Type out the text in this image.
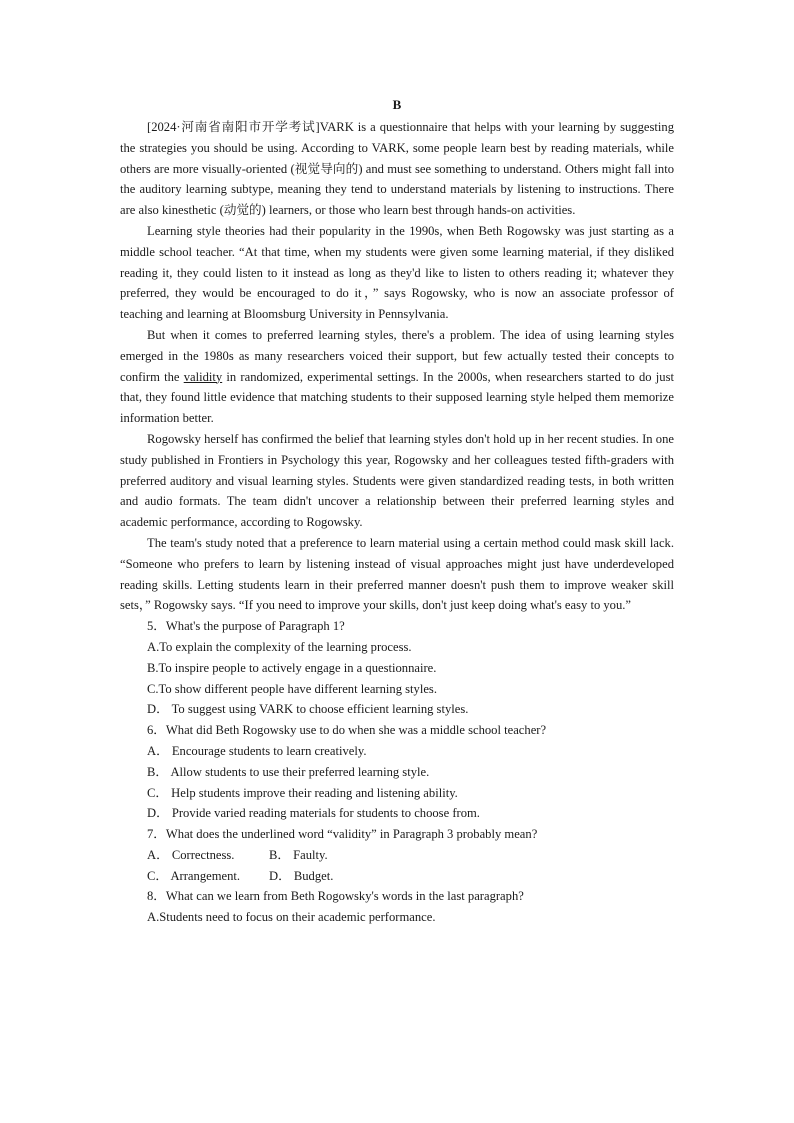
B

[2024·河南省南阳市开学考试]VARK is a questionnaire that helps with your learning by suggesting the strategies you should be using. According to VARK, some people learn best by reading materials, while others are more visually-oriented (视觉导向的) and must see something to understand. Others might fall into the auditory learning subtype, meaning they tend to understand materials by listening to instructions. There are also kinesthetic (动觉的) learners, or those who learn best through hands-on activities.

Learning style theories had their popularity in the 1990s, when Beth Rogowsky was just starting as a middle school teacher. “At that time, when my students were given some learning material, if they disliked reading it, they could listen to it instead as long as they'd like to listen to others reading it; whatever they preferred, they would be encouraged to do it，” says Rogowsky, who is now an associate professor of teaching and learning at Bloomsburg University in Pennsylvania.

But when it comes to preferred learning styles, there's a problem. The idea of using learning styles emerged in the 1980s as many researchers voiced their support, but few actually tested their concepts to confirm the validity in randomized, experimental settings. In the 2000s, when researchers started to do just that, they found little evidence that matching students to their supposed learning style helped them memorize information better.

Rogowsky herself has confirmed the belief that learning styles don't hold up in her recent studies. In one study published in Frontiers in Psychology this year, Rogowsky and her colleagues tested fifth-graders with preferred auditory and visual learning styles. Students were given standardized reading tests, in both written and audio formats. The team didn't uncover a relationship between their preferred learning styles and academic performance, according to Rogowsky.

The team's study noted that a preference to learn material using a certain method could mask skill lack. “Someone who prefers to learn by listening instead of visual approaches might just have underdeveloped reading skills. Letting students learn in their preferred manner doesn't push them to improve weaker skill sets，” Rogowsky says. “If you need to improve your skills, don't just keep doing what's easy to you.”

5．What's the purpose of Paragraph 1?

A.To explain the complexity of the learning process.

B.To inspire people to actively engage in a questionnaire.

C.To show different people have different learning styles.

D． To suggest using VARK to choose efficient learning styles.

6．What did Beth Rogowsky use to do when she was a middle school teacher?

A． Encourage students to learn creatively.

B． Allow students to use their preferred learning style.

C． Help students improve their reading and listening ability.

D． Provide varied reading materials for students to choose from.

7．What does the underlined word “validity” in Paragraph 3 probably mean?

A． Correctness.	B． Faulty.

C． Arrangement. D． Budget.

8．What can we learn from Beth Rogowsky's words in the last paragraph?

A.Students need to focus on their academic performance.
